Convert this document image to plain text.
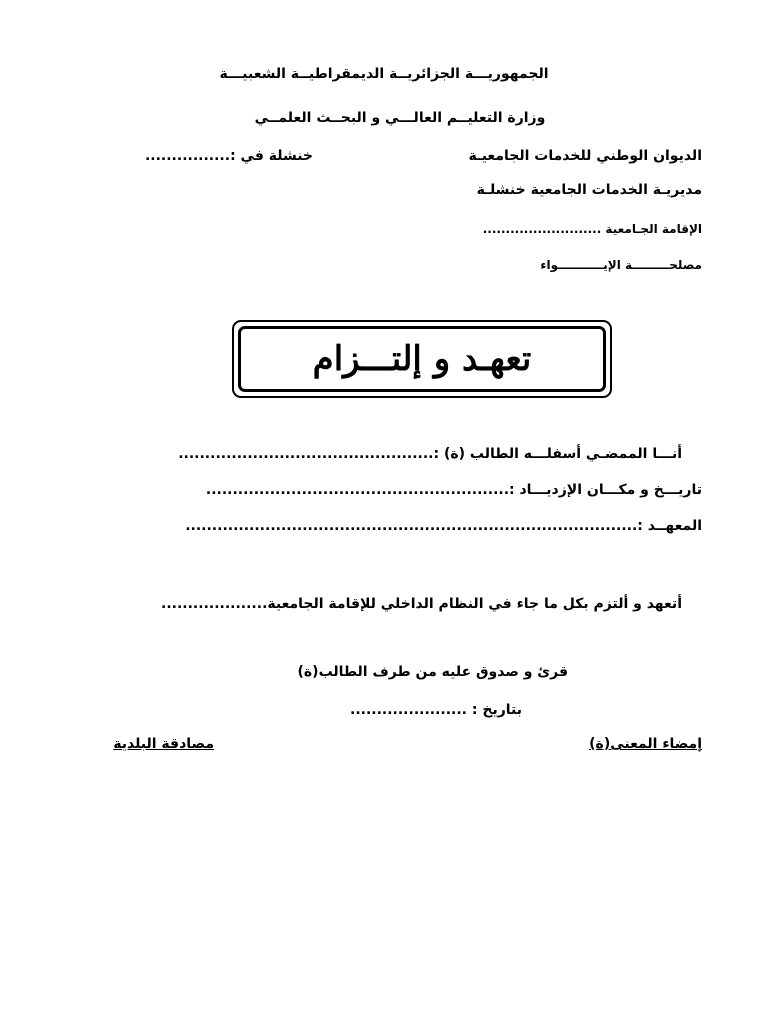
الجمهوريـــة الجزائريــة الديمقراطيــة الشعبيـــة
وزارة التعليــم العالـــي و البحــث العلمــي
الديوان الوطني للخدمات الجامعيـة
خنشلة في :................
مديريـة الخدمات الجامعية خنشلـة
الإقامة الجـامعية ..........................
مصلحـــــــــة الإيـــــــــــواء
تعهـد و إلتـــزام
أنـــا الممضـي أسفلـــه الطالب (ة) :................................................
تاريـــخ و مكـــان الإزديـــاد :.........................................................
المعهــد :.....................................................................................
أتعهد و ألتزم بكل ما جاء في النظام الداخلي للإقامة الجامعية....................
قرئ و صدوق عليه من طرف الطالب(ة)
بتاريخ : ......................
إمضاء المعنى(ة)
مصادقة البلدية
